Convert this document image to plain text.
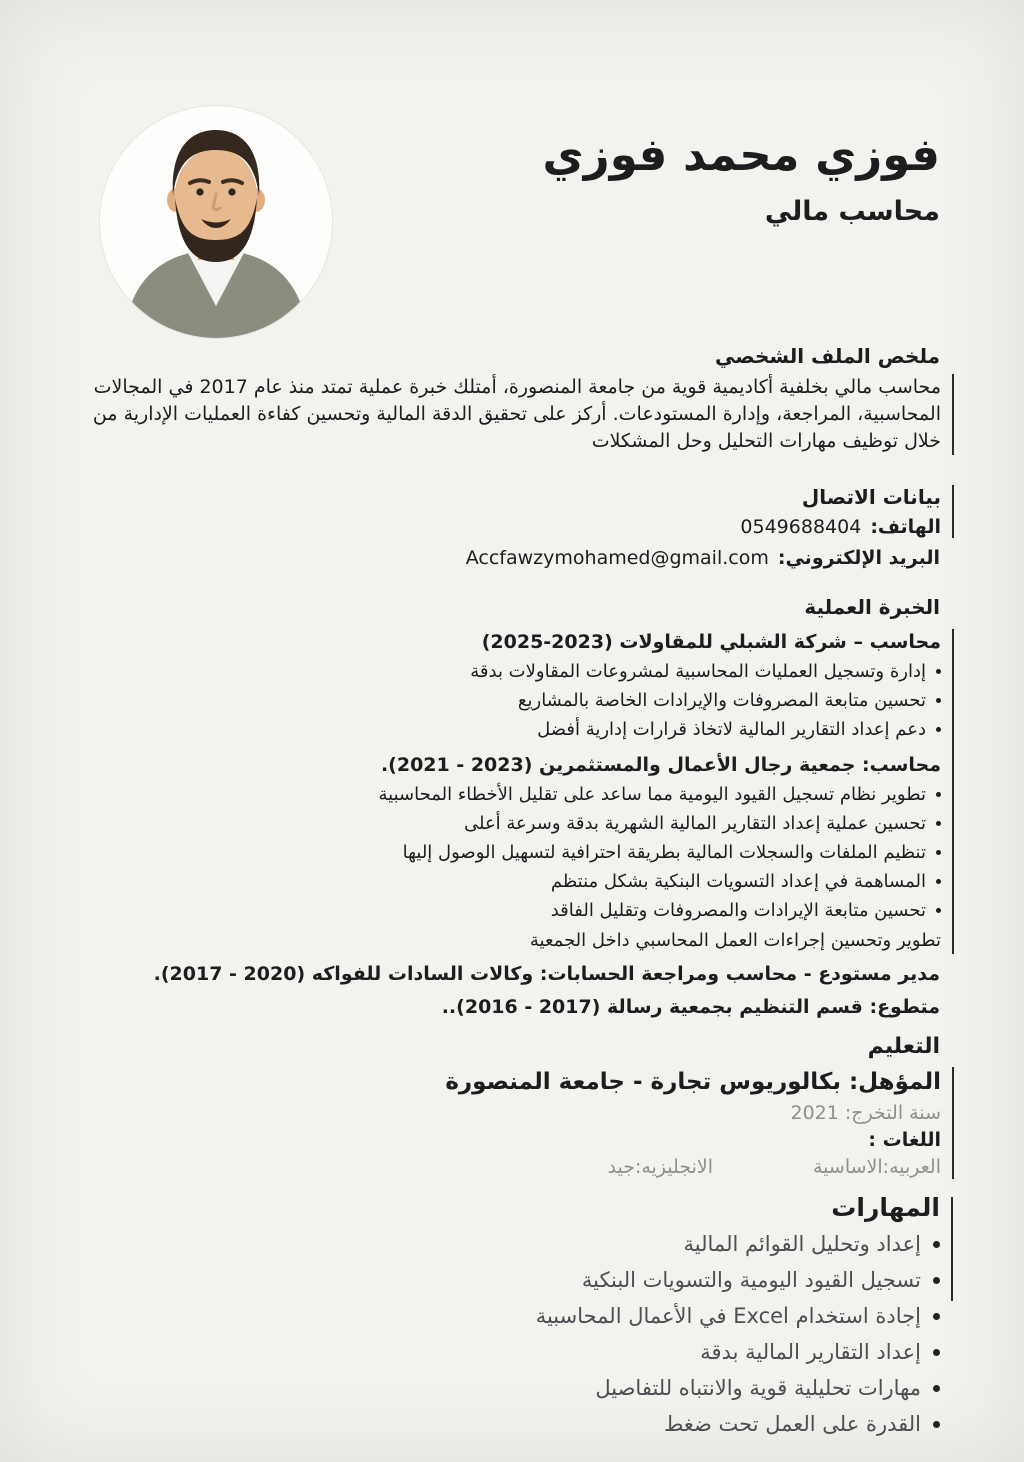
فوزي محمد فوزي
محاسب مالي
ملخص الملف الشخصي

محاسب مالي بخلفية أكاديمية قوية من جامعة المنصورة، أمتلك خبرة عملية تمتد منذ عام 2017 في المجالات المحاسبية، المراجعة، وإدارة المستودعات. أركز على تحقيق الدقة المالية وتحسين كفاءة العمليات الإدارية من خلال توظيف مهارات التحليل وحل المشكلات

بيانات الاتصال
الهاتف:
0549688404
البريد الإلكتروني:
Accfawzymohamed@gmail.com
الخبرة العملية
محاسب – شركة الشبلي للمقاولات (⁦2025-2023⁩)
إدارة وتسجيل العمليات المحاسبية لمشروعات المقاولات بدقة
تحسين متابعة المصروفات والإيرادات الخاصة بالمشاريع
دعم إعداد التقارير المالية لاتخاذ قرارات إدارية أفضل
محاسب: جمعية رجال الأعمال والمستثمرين (⁦2021 - 2023⁩).
تطوير نظام تسجيل القيود اليومية مما ساعد على تقليل الأخطاء المحاسبية
تحسين عملية إعداد التقارير المالية الشهرية بدقة وسرعة أعلى
تنظيم الملفات والسجلات المالية بطريقة احترافية لتسهيل الوصول إليها
المساهمة في إعداد التسويات البنكية بشكل منتظم
تحسين متابعة الإيرادات والمصروفات وتقليل الفاقد

تطوير وتحسين إجراءات العمل المحاسبي داخل الجمعية

مدير مستودع - محاسب ومراجعة الحسابات: وكالات السادات للفواكه (⁦2017 - 2020⁩).
متطوع: قسم التنظيم بجمعية رسالة (⁦2016 - 2017⁩)..
التعليم
المؤهل: بكالوريوس تجارة - جامعة المنصورة

سنة التخرج: 2021

اللغات :

العربيه:الاساسية
الانجليزيه:جيد
المهارات
إعداد وتحليل القوائم المالية
تسجيل القيود اليومية والتسويات البنكية
إجادة استخدام Excel في الأعمال المحاسبية
إعداد التقارير المالية بدقة
مهارات تحليلية قوية والانتباه للتفاصيل
القدرة على العمل تحت ضغط
